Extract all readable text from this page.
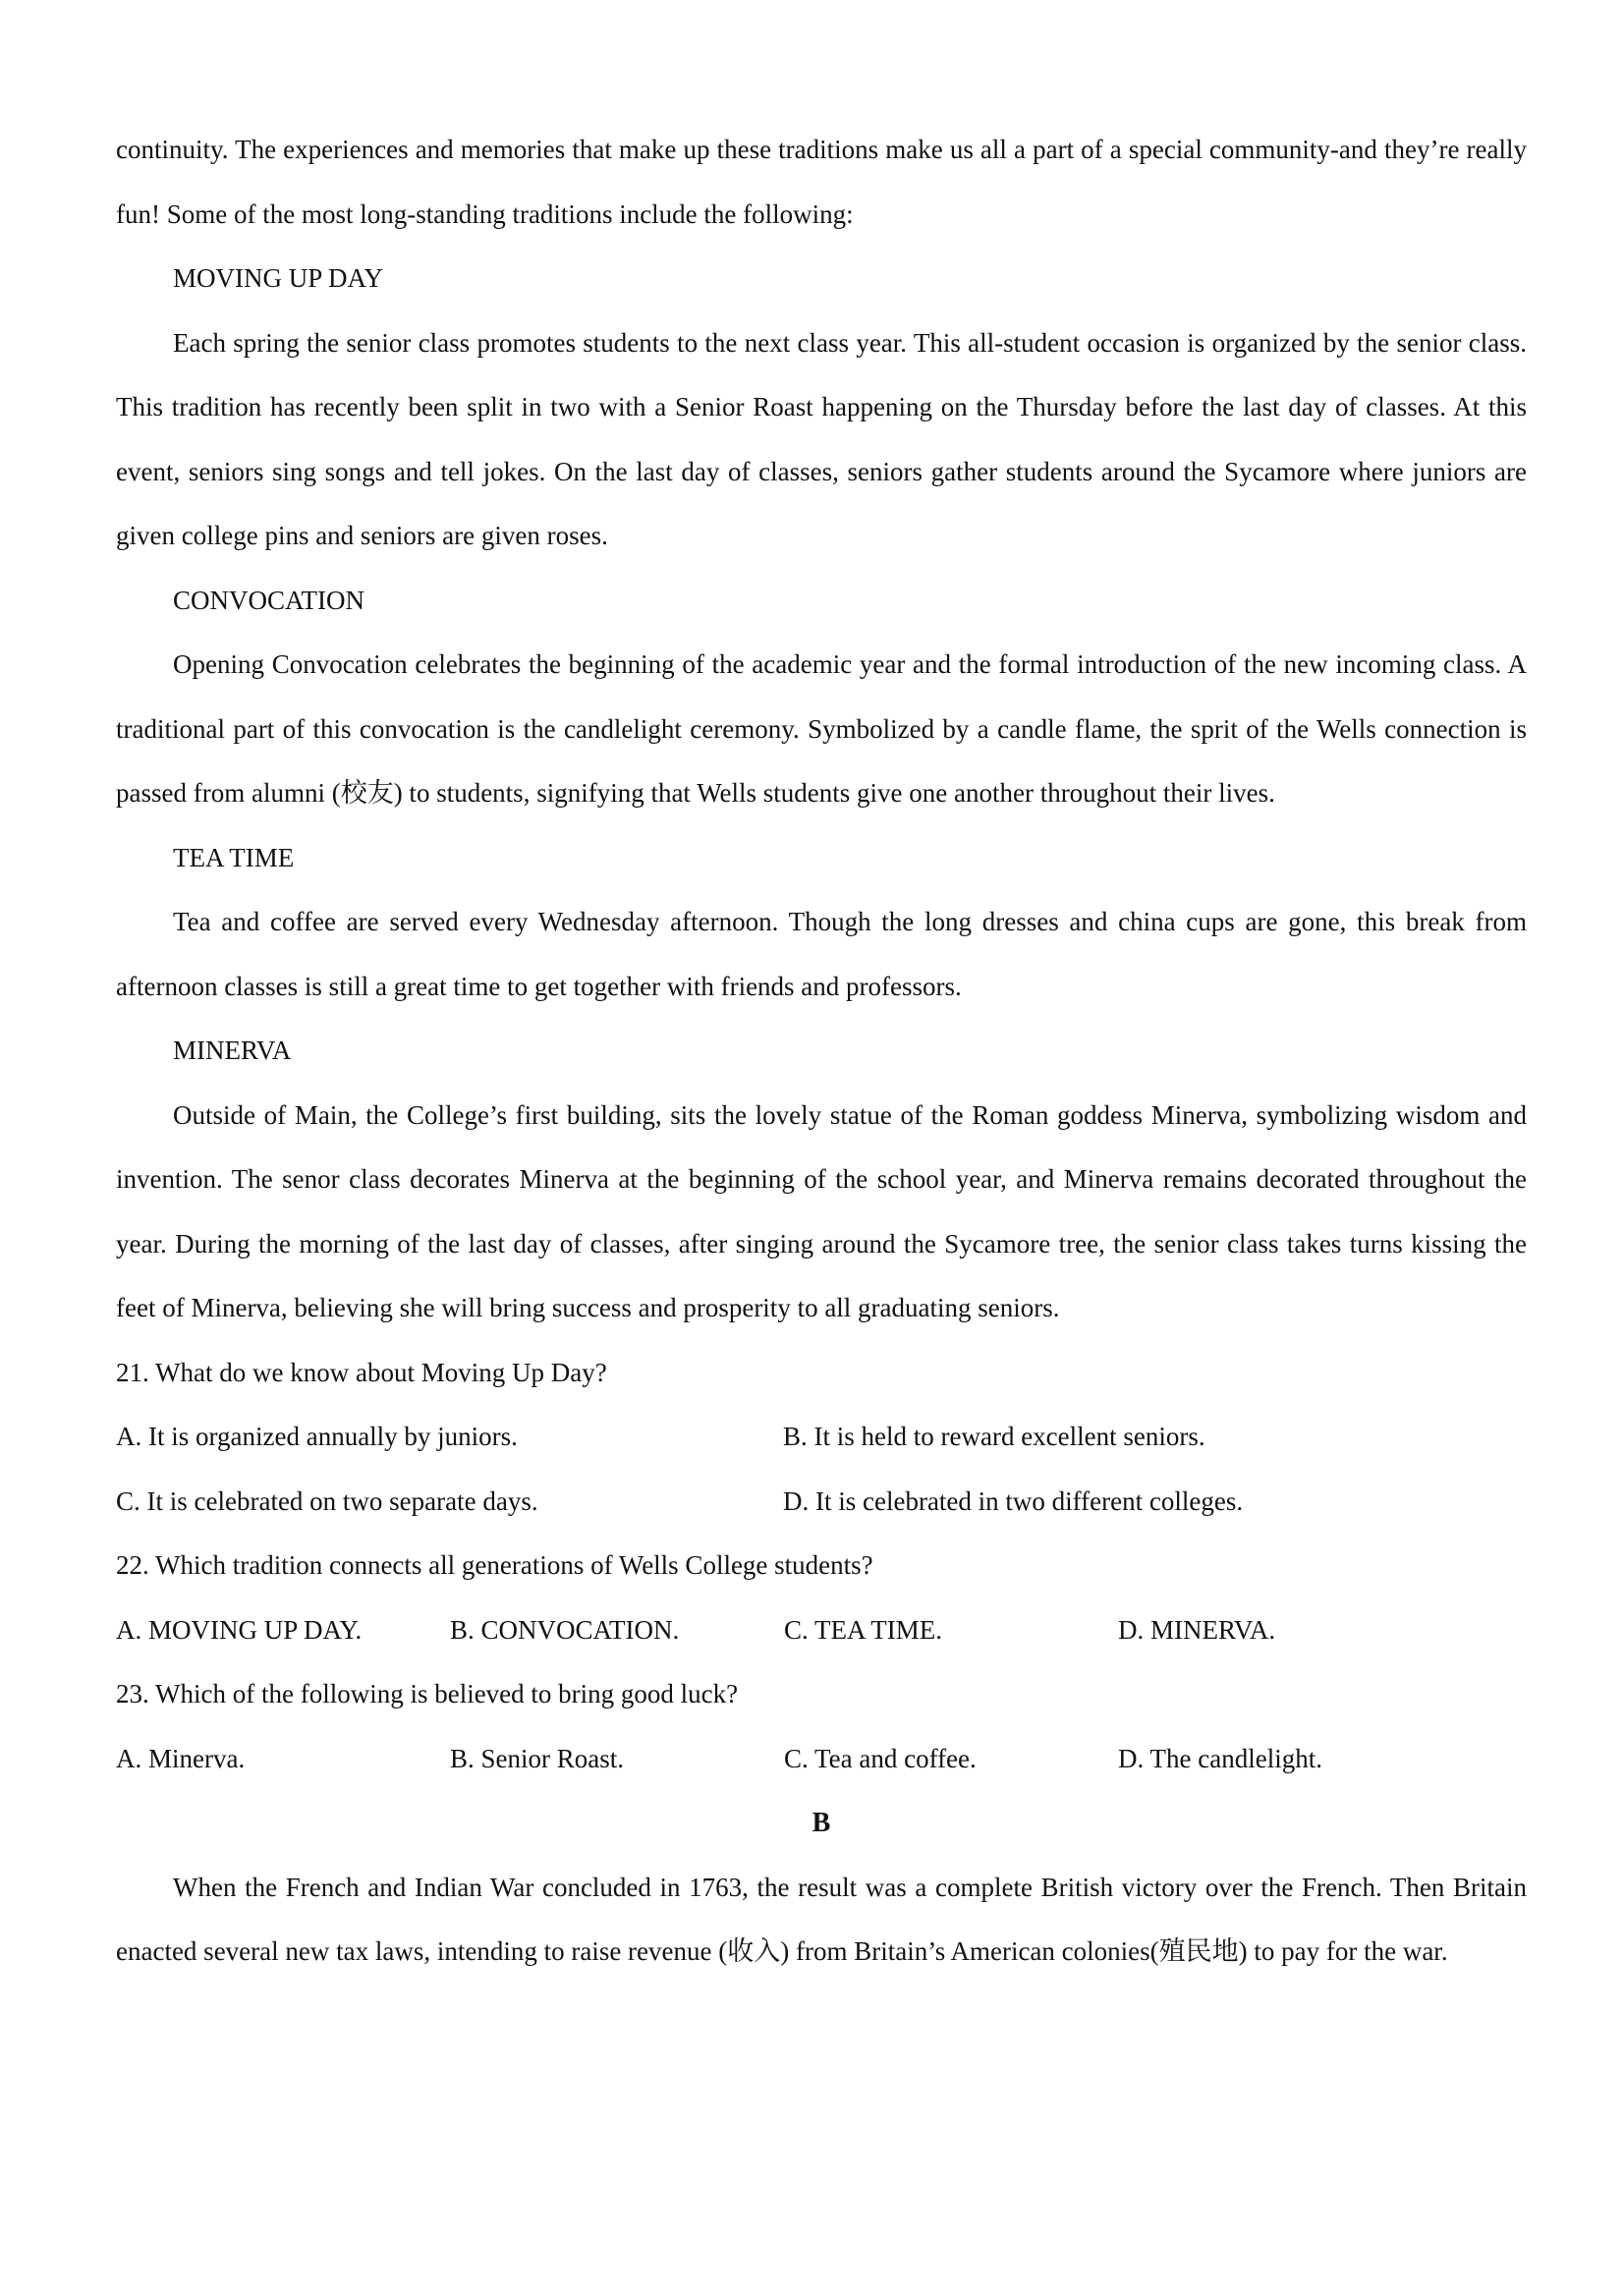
continuity. The experiences and memories that make up these traditions make us all a part of a special community-and they’re really fun! Some of the most long-standing traditions include the following:
MOVING UP DAY
Each spring the senior class promotes students to the next class year. This all-student occasion is organized by the senior class. This tradition has recently been split in two with a Senior Roast happening on the Thursday before the last day of classes. At this event, seniors sing songs and tell jokes. On the last day of classes, seniors gather students around the Sycamore where juniors are given college pins and seniors are given roses.
CONVOCATION
Opening Convocation celebrates the beginning of the academic year and the formal introduction of the new incoming class. A traditional part of this convocation is the candlelight ceremony. Symbolized by a candle flame, the sprit of the Wells connection is passed from alumni (校友) to students, signifying that Wells students give one another throughout their lives.
TEA TIME
Tea and coffee are served every Wednesday afternoon. Though the long dresses and china cups are gone, this break from afternoon classes is still a great time to get together with friends and professors.
MINERVA
Outside of Main, the College’s first building, sits the lovely statue of the Roman goddess Minerva, symbolizing wisdom and invention. The senor class decorates Minerva at the beginning of the school year, and Minerva remains decorated throughout the year. During the morning of the last day of classes, after singing around the Sycamore tree, the senior class takes turns kissing the feet of Minerva, believing she will bring success and prosperity to all graduating seniors.
21. What do we know about Moving Up Day?
A. It is organized annually by juniors.	B. It is held to reward excellent seniors.
C. It is celebrated on two separate days.	D. It is celebrated in two different colleges.
22. Which tradition connects all generations of Wells College students?
A. MOVING UP DAY.	B. CONVOCATION.	C. TEA TIME.	D. MINERVA.
23. Which of the following is believed to bring good luck?
A. Minerva.	B. Senior Roast.	C. Tea and coffee.	D. The candlelight.
B
When the French and Indian War concluded in 1763, the result was a complete British victory over the French. Then Britain enacted several new tax laws, intending to raise revenue (收入) from Britain’s American colonies(殖民地) to pay for the war.
